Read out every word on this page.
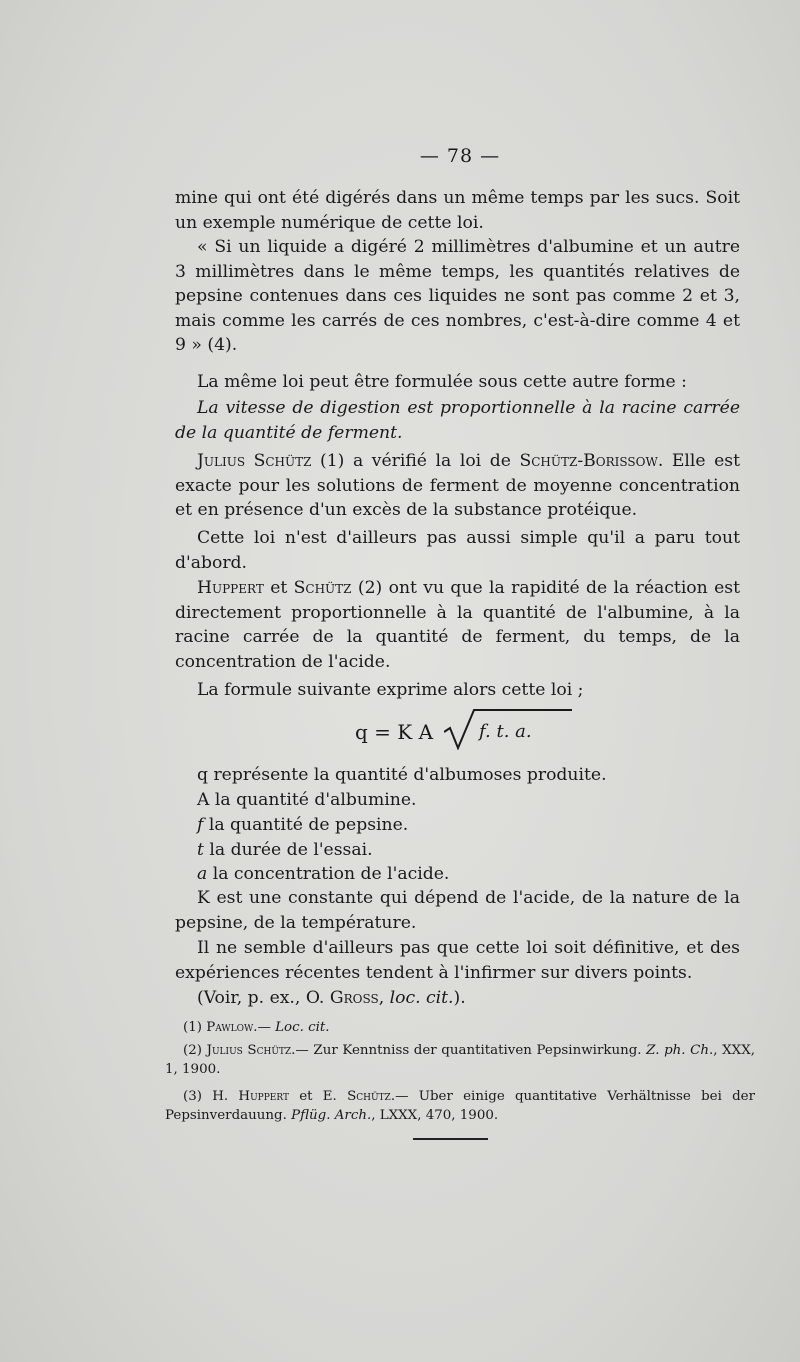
— 78 —

mine qui ont été digérés dans un même temps par les sucs. Soit un exemple numérique de cette loi.

« Si un liquide a digéré 2 millimètres d'albumine et un autre 3 millimètres dans le même temps, les quantités relatives de pepsine contenues dans ces liquides ne sont pas comme 2 et 3, mais comme les carrés de ces nombres, c'est-à-dire comme 4 et 9 » (4).

La même loi peut être formulée sous cette autre forme :

La vitesse de digestion est proportionnelle à la racine carrée de la quantité de ferment.

Julius Schütz (1) a vérifié la loi de Schütz-Borissow. Elle est exacte pour les solutions de ferment de moyenne concentration et en présence d'un excès de la substance protéique.

Cette loi n'est d'ailleurs pas aussi simple qu'il a paru tout d'abord.

Huppert et Schütz (2) ont vu que la rapidité de la réaction est directement proportionnelle à la quantité de l'albumine, à la racine carrée de la quantité de ferment, du temps, de la concentration de l'acide.

La formule suivante exprime alors cette loi ;

q = K A	f. t. a.

q représente la quantité d'albumoses produite.

A la quantité d'albumine.

f la quantité de pepsine.

t la durée de l'essai.

a la concentration de l'acide.

K est une constante qui dépend de l'acide, de la nature de la pepsine, de la température.

Il ne semble d'ailleurs pas que cette loi soit définitive, et des expériences récentes tendent à l'infirmer sur divers points.

(Voir, p. ex., O. Gross, loc. cit.).

(1) Pawlow.— Loc. cit.

(2) Julius Schütz.— Zur Kenntniss der quantitativen Pepsinwirkung. Z. ph. Ch., XXX, 1, 1900.

(3) H. Huppert et E. Schütz.— Uber einige quantitative Verhältnisse bei der Pepsinverdauung. Pflüg. Arch., LXXX, 470, 1900.
